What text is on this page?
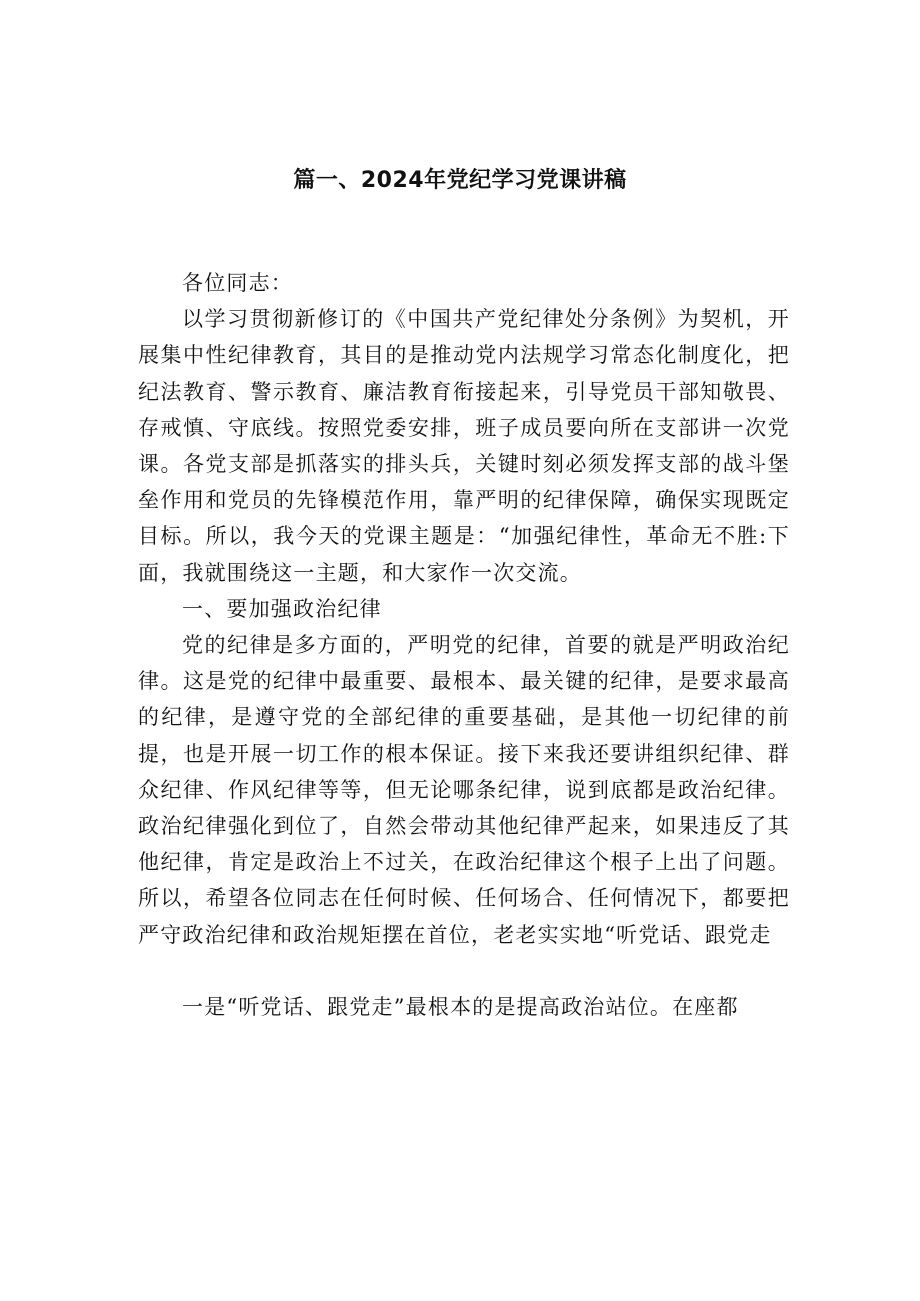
篇一、2024年党纪学习党课讲稿

各位同志：

以学习贯彻新修订的《中国共产党纪律处分条例》为契机，开展集中性纪律教育，其目的是推动党内法规学习常态化制度化，把纪法教育、警示教育、廉洁教育衔接起来，引导党员干部知敬畏、存戒慎、守底线。按照党委安排，班子成员要向所在支部讲一次党课。各党支部是抓落实的排头兵，关键时刻必须发挥支部的战斗堡垒作用和党员的先锋模范作用，靠严明的纪律保障，确保实现既定目标。所以，我今天的党课主题是：“加强纪律性，革命无不胜:下面，我就围绕这一主题，和大家作一次交流。

一、要加强政治纪律

党的纪律是多方面的，严明党的纪律，首要的就是严明政治纪律。这是党的纪律中最重要、最根本、最关键的纪律，是要求最高的纪律，是遵守党的全部纪律的重要基础，是其他一切纪律的前提，也是开展一切工作的根本保证。接下来我还要讲组织纪律、群众纪律、作风纪律等等，但无论哪条纪律，说到底都是政治纪律。政治纪律强化到位了，自然会带动其他纪律严起来，如果违反了其他纪律，肯定是政治上不过关，在政治纪律这个根子上出了问题。所以，希望各位同志在任何时候、任何场合、任何情况下，都要把严守政治纪律和政治规矩摆在首位，老老实实地“听党话、跟党走

一是“听党话、跟党走”最根本的是提高政治站位。在座都
